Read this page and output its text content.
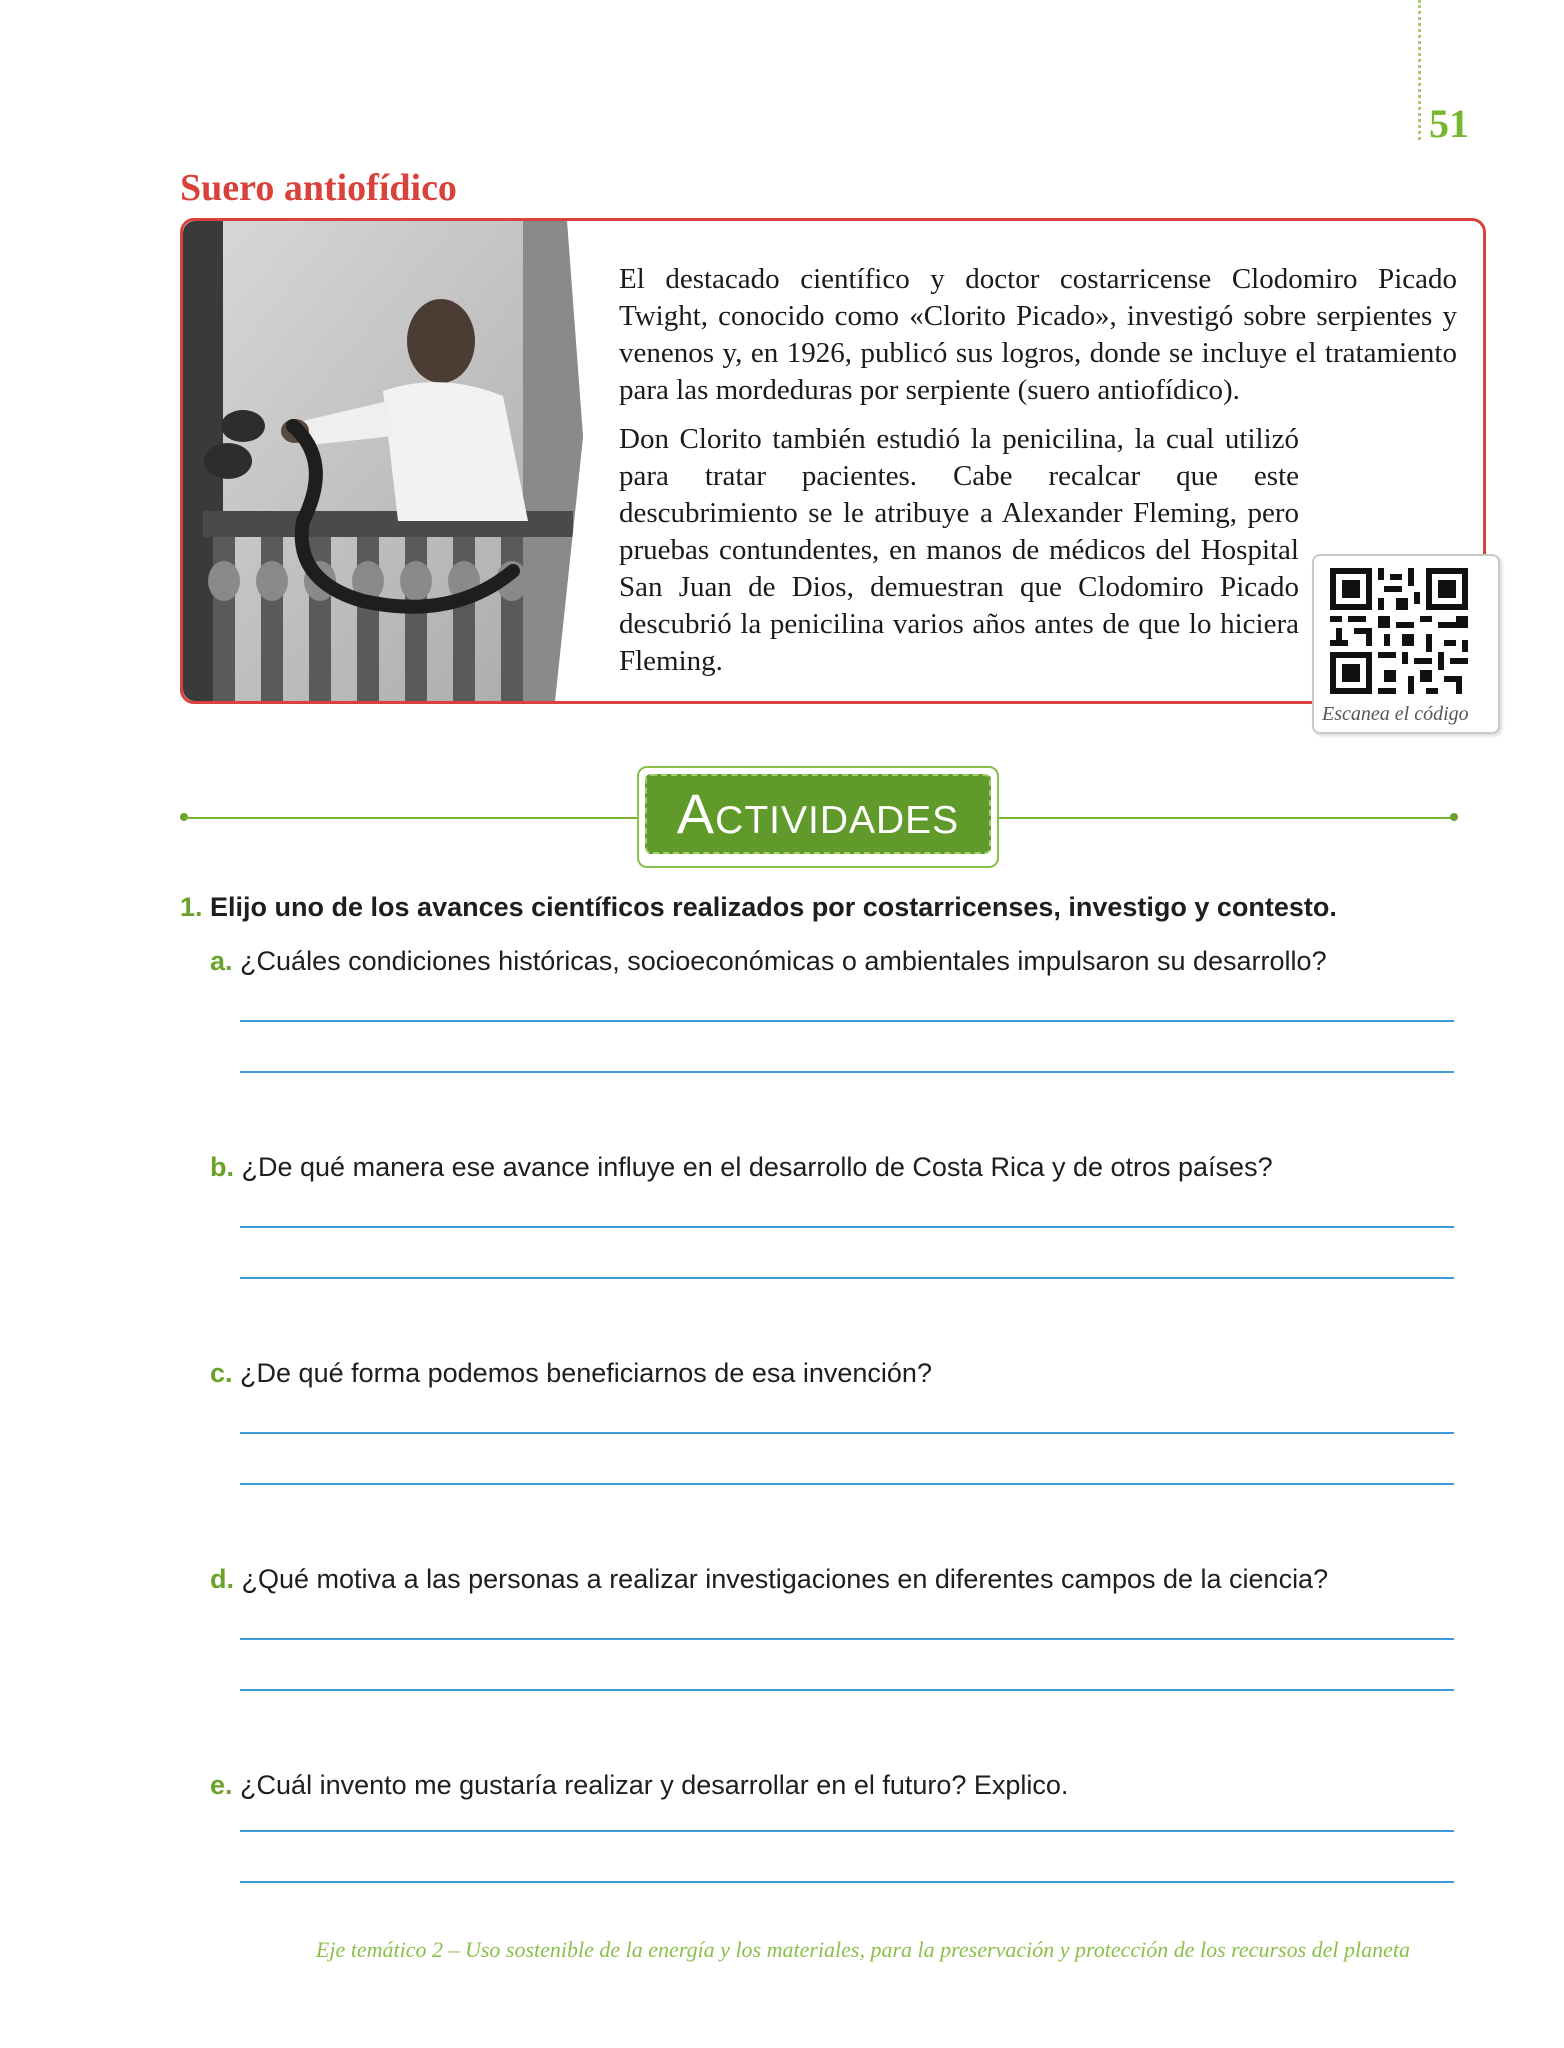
51
Suero antiofídico

El destacado científico y doctor costarricense Clodomiro Picado Twight, conocido como «Clorito Picado», investigó sobre serpientes y venenos y, en 1926, publicó sus logros, donde se incluye el tratamiento para las mordeduras por serpiente (suero antiofídico).

Don Clorito también estudió la penicilina, la cual utilizó para tratar pacientes. Cabe recalcar que este descubrimiento se le atribuye a Alexander Fleming, pero pruebas contundentes, en manos de médicos del Hospital San Juan de Dios, demuestran que Clodomiro Picado descubrió la penicilina varios años antes de que lo hiciera Fleming.

Escanea el código

Actividades

1. Elijo uno de los avances científicos realizados por costarricenses, investigo y contesto.

a. ¿Cuáles condiciones históricas, socioeconómicas o ambientales impulsaron su desarrollo?

b. ¿De qué manera ese avance influye en el desarrollo de Costa Rica y de otros países?

c. ¿De qué forma podemos beneficiarnos de esa invención?

d. ¿Qué motiva a las personas a realizar investigaciones en diferentes campos de la ciencia?

e. ¿Cuál invento me gustaría realizar y desarrollar en el futuro? Explico.

Eje temático 2 – Uso sostenible de la energía y los materiales, para la preservación y protección de los recursos del planeta
